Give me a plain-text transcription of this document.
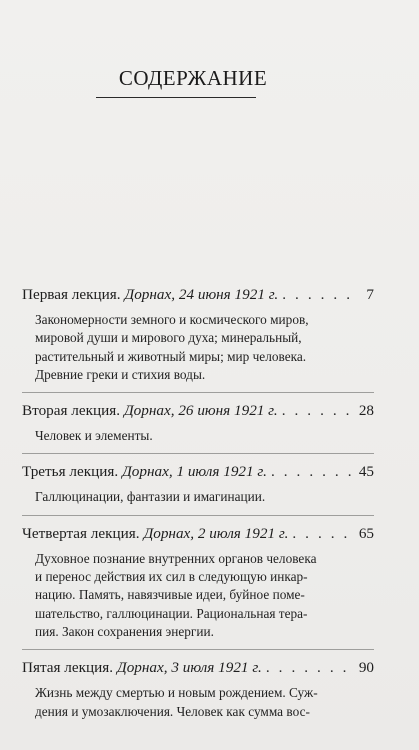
СОДЕРЖАНИЕ
Первая лекция. Дорнах, 24 июня 1921 г. . . .	7
Закономерности земного и космического миров,
мировой души и мирового духа; минеральный,
растительный и животный миры; мир человека.
Древние греки и стихия воды.
Вторая лекция. Дорнах, 26 июня 1921 г. . . .	28
Человек и элементы.
Третья лекция. Дорнах, 1 июля 1921 г. . . .	45
Галлюцинации, фантазии и имагинации.
Четвертая лекция. Дорнах, 2 июля 1921 г. . . .	65
Духовное познание внутренних органов человека
и перенос действия их сил в следующую инкар-
нацию. Память, навязчивые идеи, буйное поме-
шательство, галлюцинации. Рациональная тера-
пия. Закон сохранения энергии.
Пятая лекция. Дорнах, 3 июля 1921 г. . . .	90
Жизнь между смертью и новым рождением. Суж-
дения и умозаключения. Человек как сумма вос-
